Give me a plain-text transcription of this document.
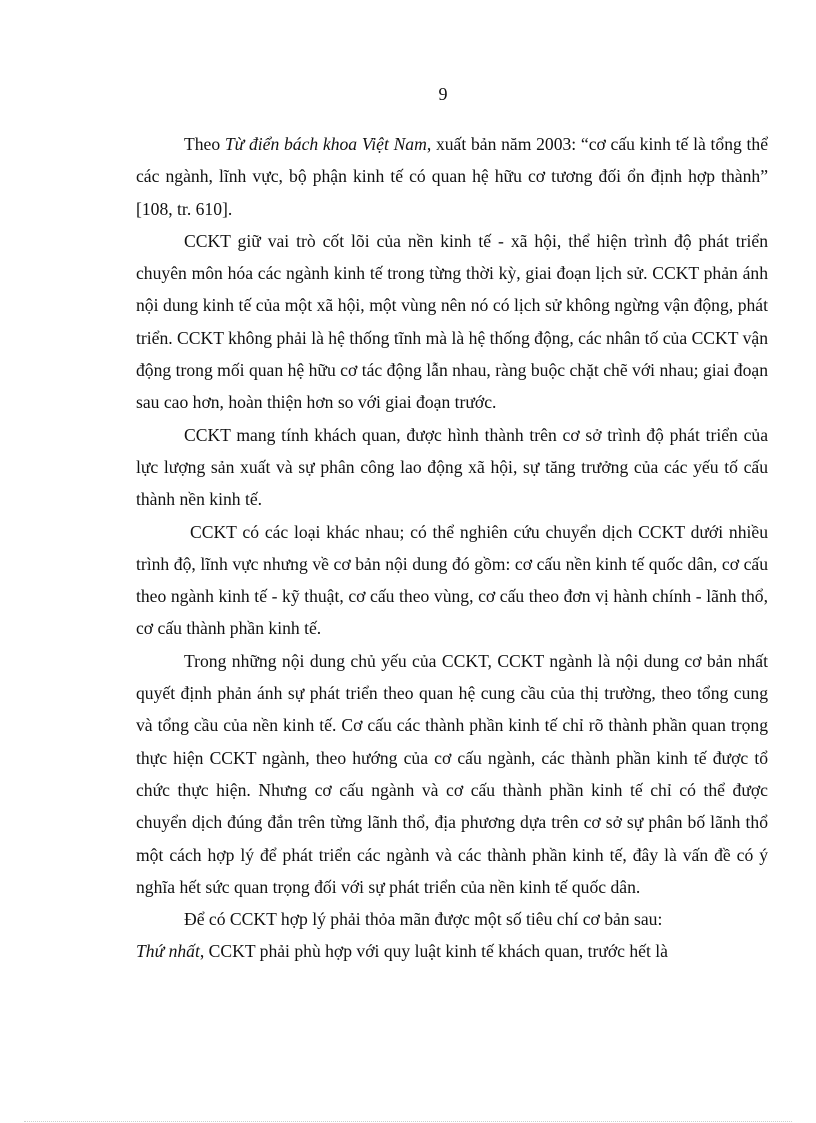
9

Theo Từ điển bách khoa Việt Nam, xuất bản năm 2003: “cơ cấu kinh tế là tổng thể các ngành, lĩnh vực, bộ phận kinh tế có quan hệ hữu cơ tương đối ổn định hợp thành” [108, tr. 610].

CCKT giữ vai trò cốt lõi của nền kinh tế - xã hội, thể hiện trình độ phát triển chuyên môn hóa các ngành kinh tế trong từng thời kỳ, giai đoạn lịch sử. CCKT phản ánh nội dung kinh tế của một xã hội, một vùng nên nó có lịch sử không ngừng vận động, phát triển. CCKT không phải là hệ thống tĩnh mà là hệ thống động, các nhân tố của CCKT vận động trong mối quan hệ hữu cơ tác động lẫn nhau, ràng buộc chặt chẽ với nhau; giai đoạn sau cao hơn, hoàn thiện hơn so với giai đoạn trước.

CCKT mang tính khách quan, được hình thành trên cơ sở trình độ phát triển của lực lượng sản xuất và sự phân công lao động xã hội, sự tăng trưởng của các yếu tố cấu thành nền kinh tế.

CCKT có các loại khác nhau; có thể nghiên cứu chuyển dịch CCKT dưới nhiều trình độ, lĩnh vực nhưng về cơ bản nội dung đó gồm: cơ cấu nền kinh tế quốc dân, cơ cấu theo ngành kinh tế - kỹ thuật, cơ cấu theo vùng, cơ cấu theo đơn vị hành chính - lãnh thổ, cơ cấu thành phần kinh tế.

Trong những nội dung chủ yếu của CCKT, CCKT ngành là nội dung cơ bản nhất quyết định phản ánh sự phát triển theo quan hệ cung cầu của thị trường, theo tổng cung và tổng cầu của nền kinh tế. Cơ cấu các thành phần kinh tế chỉ rõ thành phần quan trọng thực hiện CCKT ngành, theo hướng của cơ cấu ngành, các thành phần kinh tế được tổ chức thực hiện. Nhưng cơ cấu ngành và cơ cấu thành phần kinh tế chỉ có thể được chuyển dịch đúng đắn trên từng lãnh thổ, địa phương dựa trên cơ sở sự phân bố lãnh thổ một cách hợp lý để phát triển các ngành và các thành phần kinh tế, đây là vấn đề có ý nghĩa hết sức quan trọng đối với sự phát triển của nền kinh tế quốc dân.

Để có CCKT hợp lý phải thỏa mãn được một số tiêu chí cơ bản sau:

Thứ nhất, CCKT phải phù hợp với quy luật kinh tế khách quan, trước hết là
